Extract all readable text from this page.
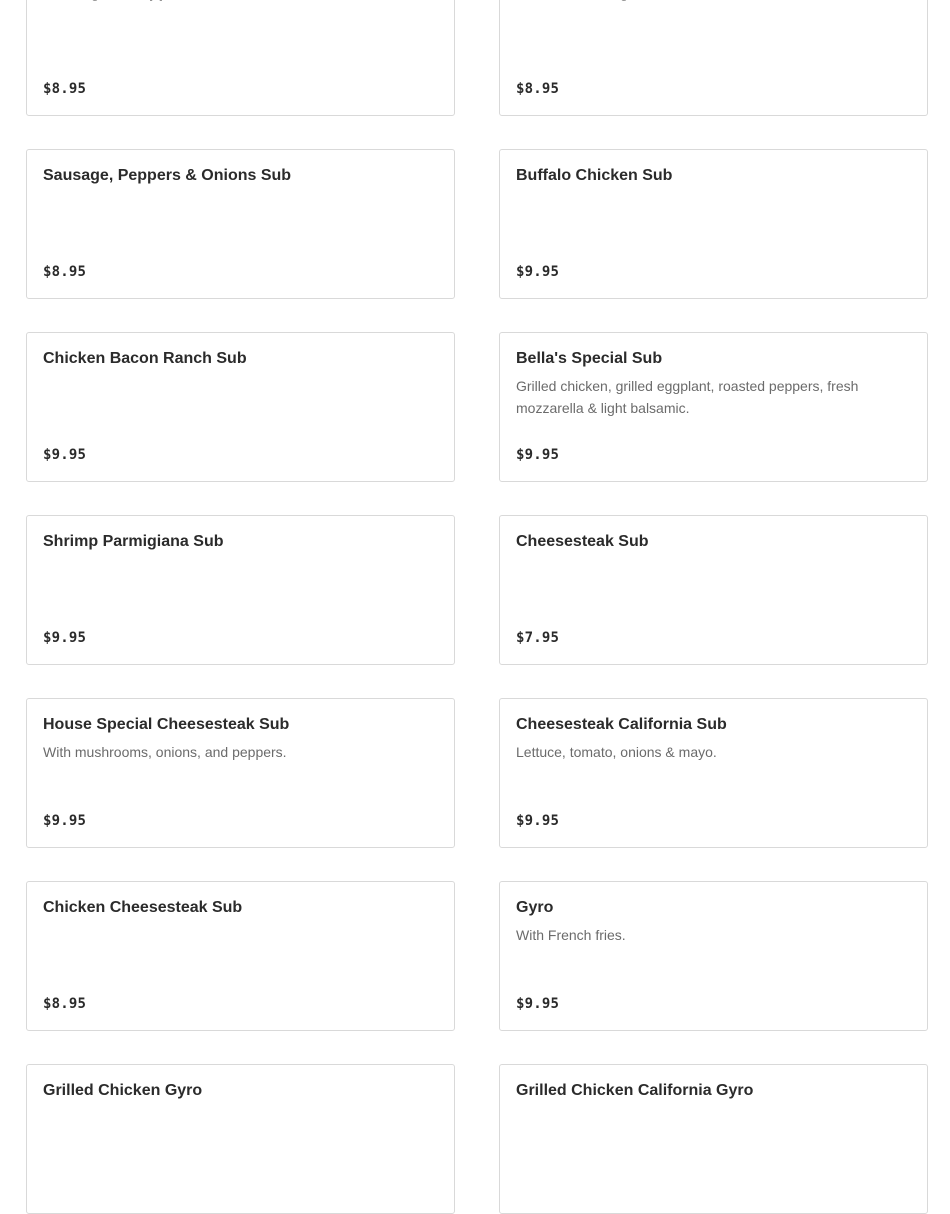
$8.95	$8.95
Sausage, Peppers & Onions Sub
$8.95
Buffalo Chicken Sub
$9.95
Chicken Bacon Ranch Sub
$9.95
Bella's Special Sub
Grilled chicken, grilled eggplant, roasted peppers, fresh mozzarella & light balsamic.
$9.95
Shrimp Parmigiana Sub
$9.95
Cheesesteak Sub
$7.95
House Special Cheesesteak Sub
With mushrooms, onions, and peppers.
$9.95
Cheesesteak California Sub
Lettuce, tomato, onions & mayo.
$9.95
Chicken Cheesesteak Sub
$8.95
Gyro
With French fries.
$9.95
Grilled Chicken Gyro	Grilled Chicken California Gyro
